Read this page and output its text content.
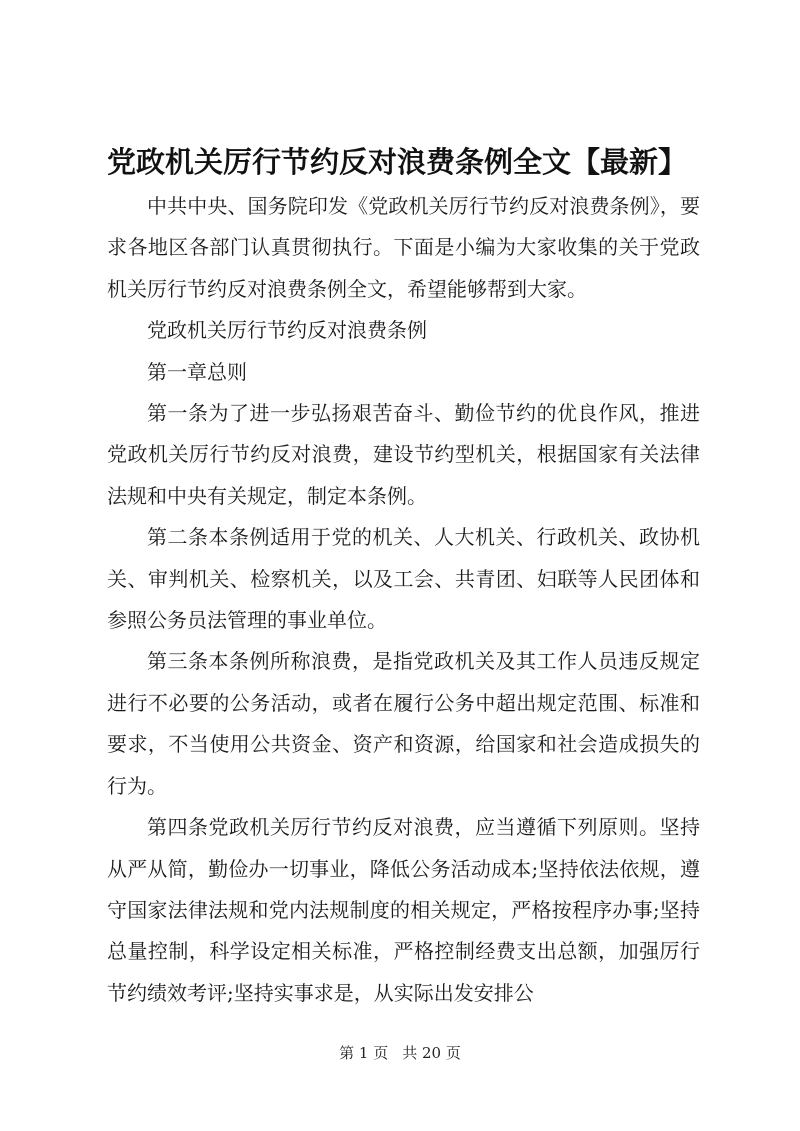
党政机关厉行节约反对浪费条例全文【最新】

中共中央、国务院印发《党政机关厉行节约反对浪费条例》，要求各地区各部门认真贯彻执行。下面是小编为大家收集的关于党政机关厉行节约反对浪费条例全文，希望能够帮到大家。

党政机关厉行节约反对浪费条例

第一章总则

第一条为了进一步弘扬艰苦奋斗、勤俭节约的优良作风，推进党政机关厉行节约反对浪费，建设节约型机关，根据国家有关法律法规和中央有关规定，制定本条例。

第二条本条例适用于党的机关、人大机关、行政机关、政协机关、审判机关、检察机关，以及工会、共青团、妇联等人民团体和参照公务员法管理的事业单位。

第三条本条例所称浪费，是指党政机关及其工作人员违反规定进行不必要的公务活动，或者在履行公务中超出规定范围、标准和要求，不当使用公共资金、资产和资源，给国家和社会造成损失的行为。

第四条党政机关厉行节约反对浪费，应当遵循下列原则。坚持从严从简，勤俭办一切事业，降低公务活动成本;坚持依法依规，遵守国家法律法规和党内法规制度的相关规定，严格按程序办事;坚持总量控制，科学设定相关标准，严格控制经费支出总额，加强厉行节约绩效考评;坚持实事求是，从实际出发安排公

第 1 页 共 20 页
